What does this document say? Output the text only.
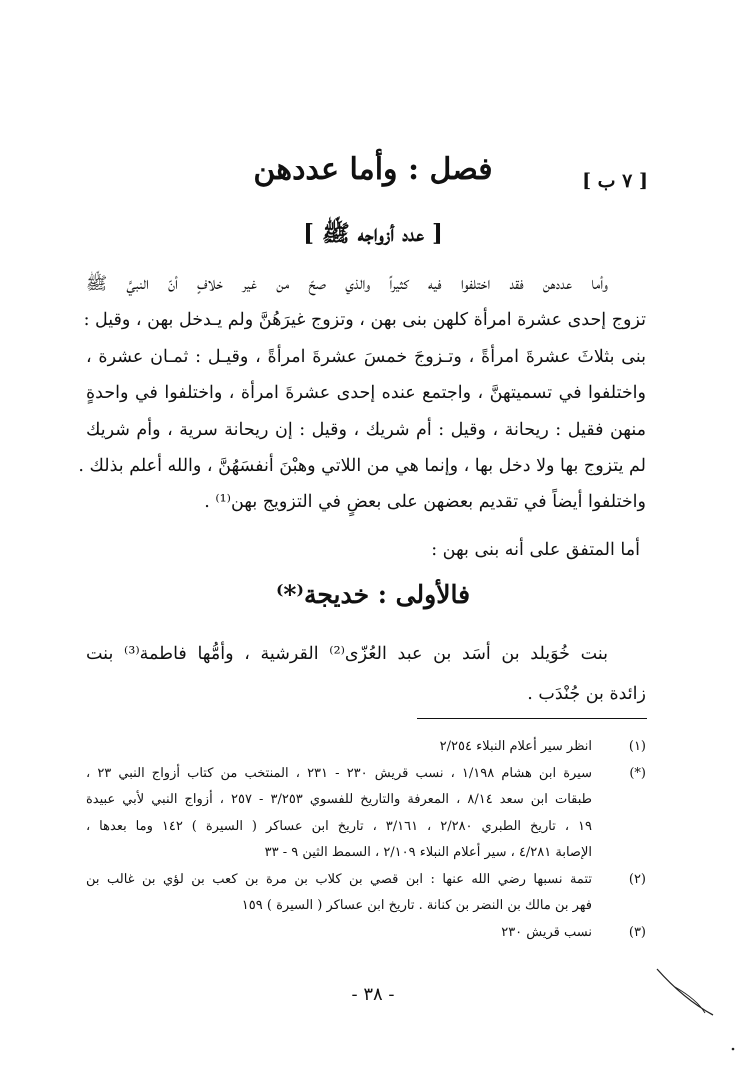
[ ٧ ب ]
فصل : وأما عددهن
[ عدد أزواجه ﷺ ]
وأما عددهن فقد اختلفوا فيه كثيراً والذي صحّ من غير خلافٍ أنّ النبيَّ ﷺ
تزوج إحدى عشرة امرأة كلهن بنى بهن ، وتزوج غيرَهُنَّ ولم يـدخل بهن ، وقيل :
بنى بثلاثَ عشرةَ امرأةً ، وتـزوجَ خمسَ عشرةَ امرأةً ، وقيـل : ثمـان عشرة ،
واختلفوا في تسميتهنَّ ، واجتمع عنده إحدى عشرةَ امرأة ، واختلفوا في واحدةٍ
منهن فقيل : ريحانة ، وقيل : أم شريك ، وقيل : إن ريحانة سرية ، وأم شريك
لم يتزوج بها ولا دخل بها ، وإنما هي من اللاتي وهبْنَ أنفسَهُنَّ ، والله أعلم بذلك .
واختلفوا أيضاً في تقديم بعضهن على بعضٍ في التزويج بهن⁽¹⁾ .
أما المتفق على أنه بنى بهن :
فالأولى : خديجة⁽*⁾
بنت خُوَيلد بن أسَد بن عبد العُزّى⁽²⁾ القرشية ، وأمُّها فاطمة⁽³⁾ بنت
زائدة بن جُنْدَب .
(١)
انظر سير أعلام النبلاء ٢/٢٥٤
(*)
سيرة ابن هشام ١/١٩٨ ، نسب قريش ٢٣٠ - ٢٣١ ، المنتخب من كتاب أزواج النبي ٢٣ ،
طبقات ابن سعد ٨/١٤ ، المعرفة والتاريخ للفسوي ٣/٢٥٣ - ٢٥٧ ، أزواج النبي لأبي عبيدة
١٩ ، تاريخ الطبري ٢/٢٨٠ ، ٣/١٦١ ، تاريخ ابن عساكر ( السيرة ) ١٤٢ وما بعدها ،
الإصابة ٤/٢٨١ ، سير أعلام النبلاء ٢/١٠٩ ، السمط الثين ٩ - ٣٣
(٢)
تتمة نسبها رضي الله عنها : ابن قصي بن كلاب بن مرة بن كعب بن لؤي بن غالب بن
فهر بن مالك بن النضر بن كنانة . تاريخ ابن عساكر ( السيرة ) ١٥٩
(٣)
نسب قريش ٢٣٠
- ٣٨ -
